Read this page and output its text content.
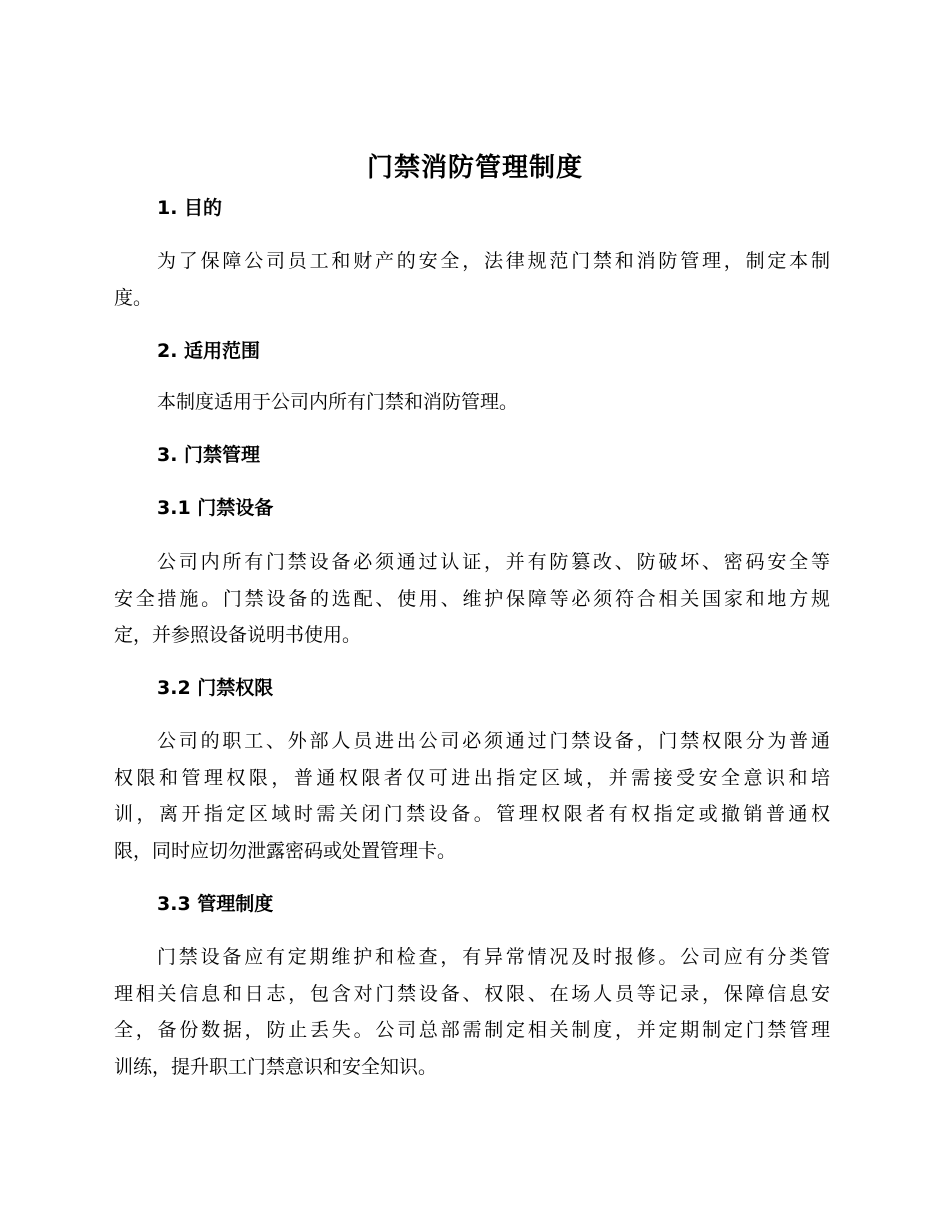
门禁消防管理制度
1. 目的
为了保障公司员工和财产的安全，法律规范门禁和消防管理，制定本制
度。
2. 适用范围
本制度适用于公司内所有门禁和消防管理。
3. 门禁管理
3.1 门禁设备
公司内所有门禁设备必须通过认证，并有防篡改、防破坏、密码安全等
安全措施。门禁设备的选配、使用、维护保障等必须符合相关国家和地方规
定，并参照设备说明书使用。
3.2 门禁权限
公司的职工、外部人员进出公司必须通过门禁设备，门禁权限分为普通
权限和管理权限，普通权限者仅可进出指定区域，并需接受安全意识和培
训，离开指定区域时需关闭门禁设备。管理权限者有权指定或撤销普通权
限，同时应切勿泄露密码或处置管理卡。
3.3 管理制度
门禁设备应有定期维护和检查，有异常情况及时报修。公司应有分类管
理相关信息和日志，包含对门禁设备、权限、在场人员等记录，保障信息安
全，备份数据，防止丢失。公司总部需制定相关制度，并定期制定门禁管理
训练，提升职工门禁意识和安全知识。
